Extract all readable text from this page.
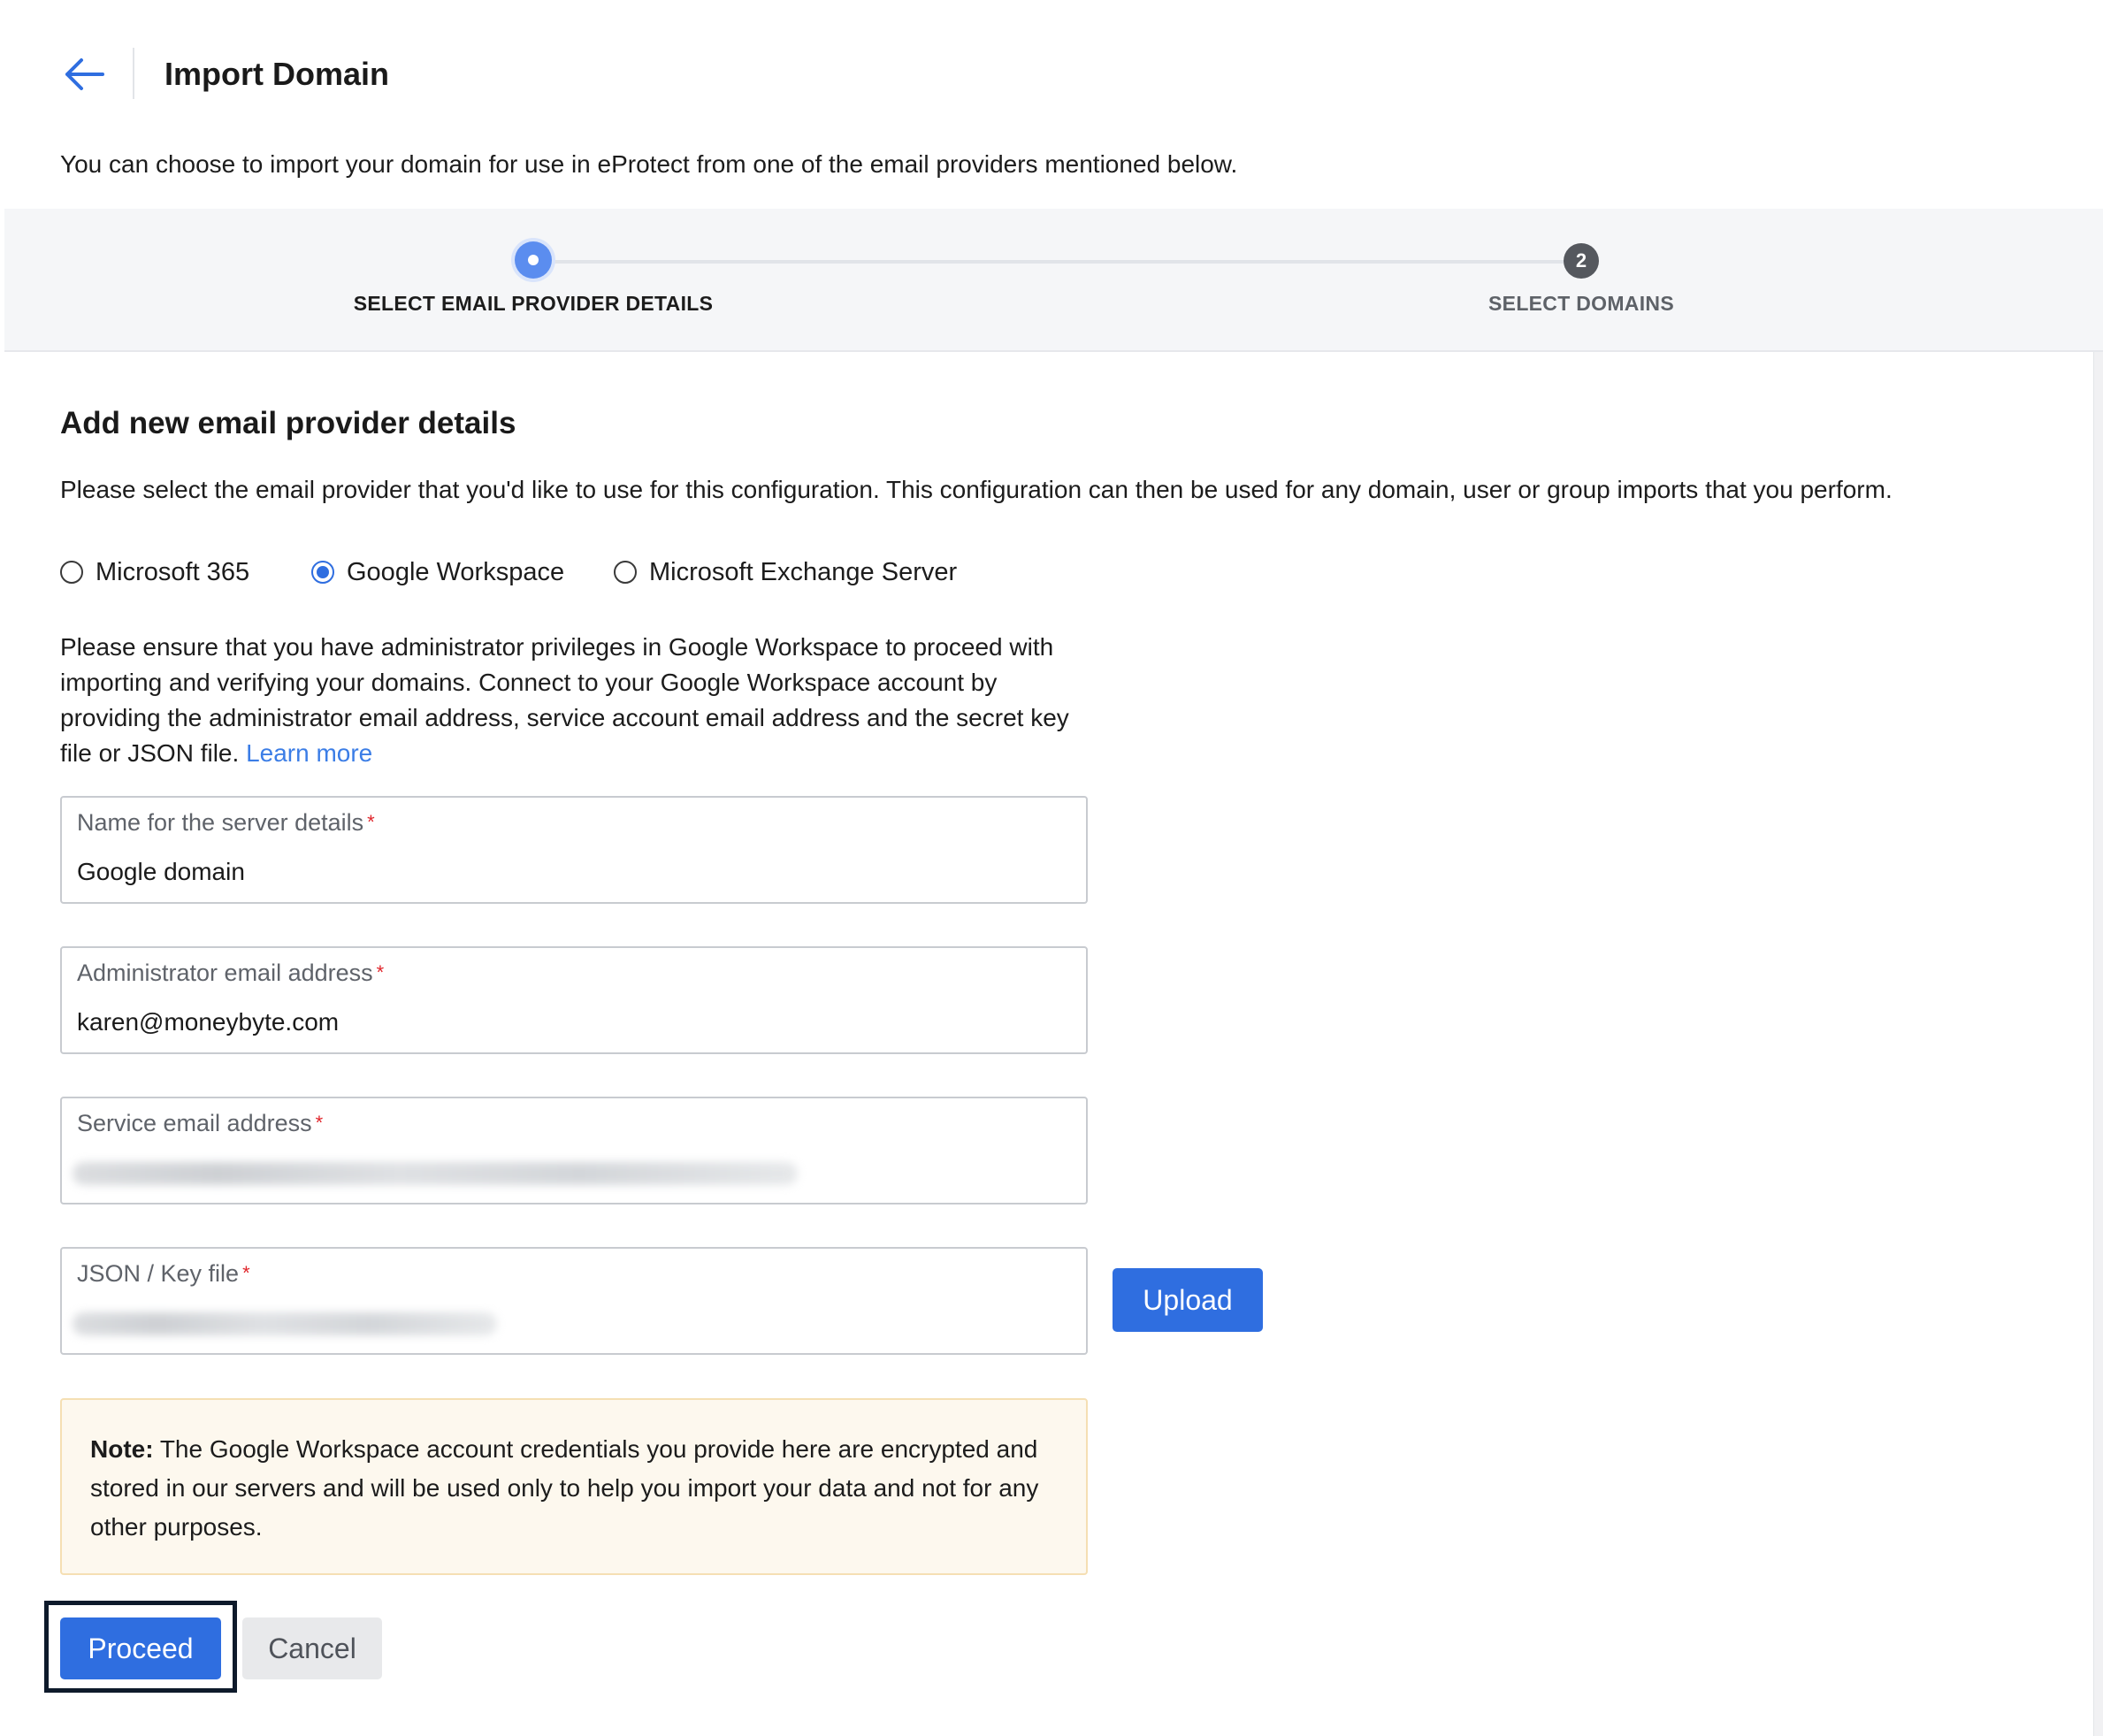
Import Domain
You can choose to import your domain for use in eProtect from one of the email providers mentioned below.
2
SELECT EMAIL PROVIDER DETAILS	SELECT DOMAINS
Add new email provider details
Please select the email provider that you'd like to use for this configuration. This configuration can then be used for any domain, user or group imports that you perform.
Microsoft 365	Google Workspace	Microsoft Exchange Server
Please ensure that you have administrator privileges in Google Workspace to proceed with importing and verifying your domains. Connect to your Google Workspace account by providing the administrator email address, service account email address and the secret key file or JSON file. Learn more
Name for the server details *
Google domain
Administrator email address *
karen@moneybyte.com
Service email address *
JSON / Key file *
Upload
Note: The Google Workspace account credentials you provide here are encrypted and stored in our servers and will be used only to help you import your data and not for any other purposes.
Proceed	Cancel
